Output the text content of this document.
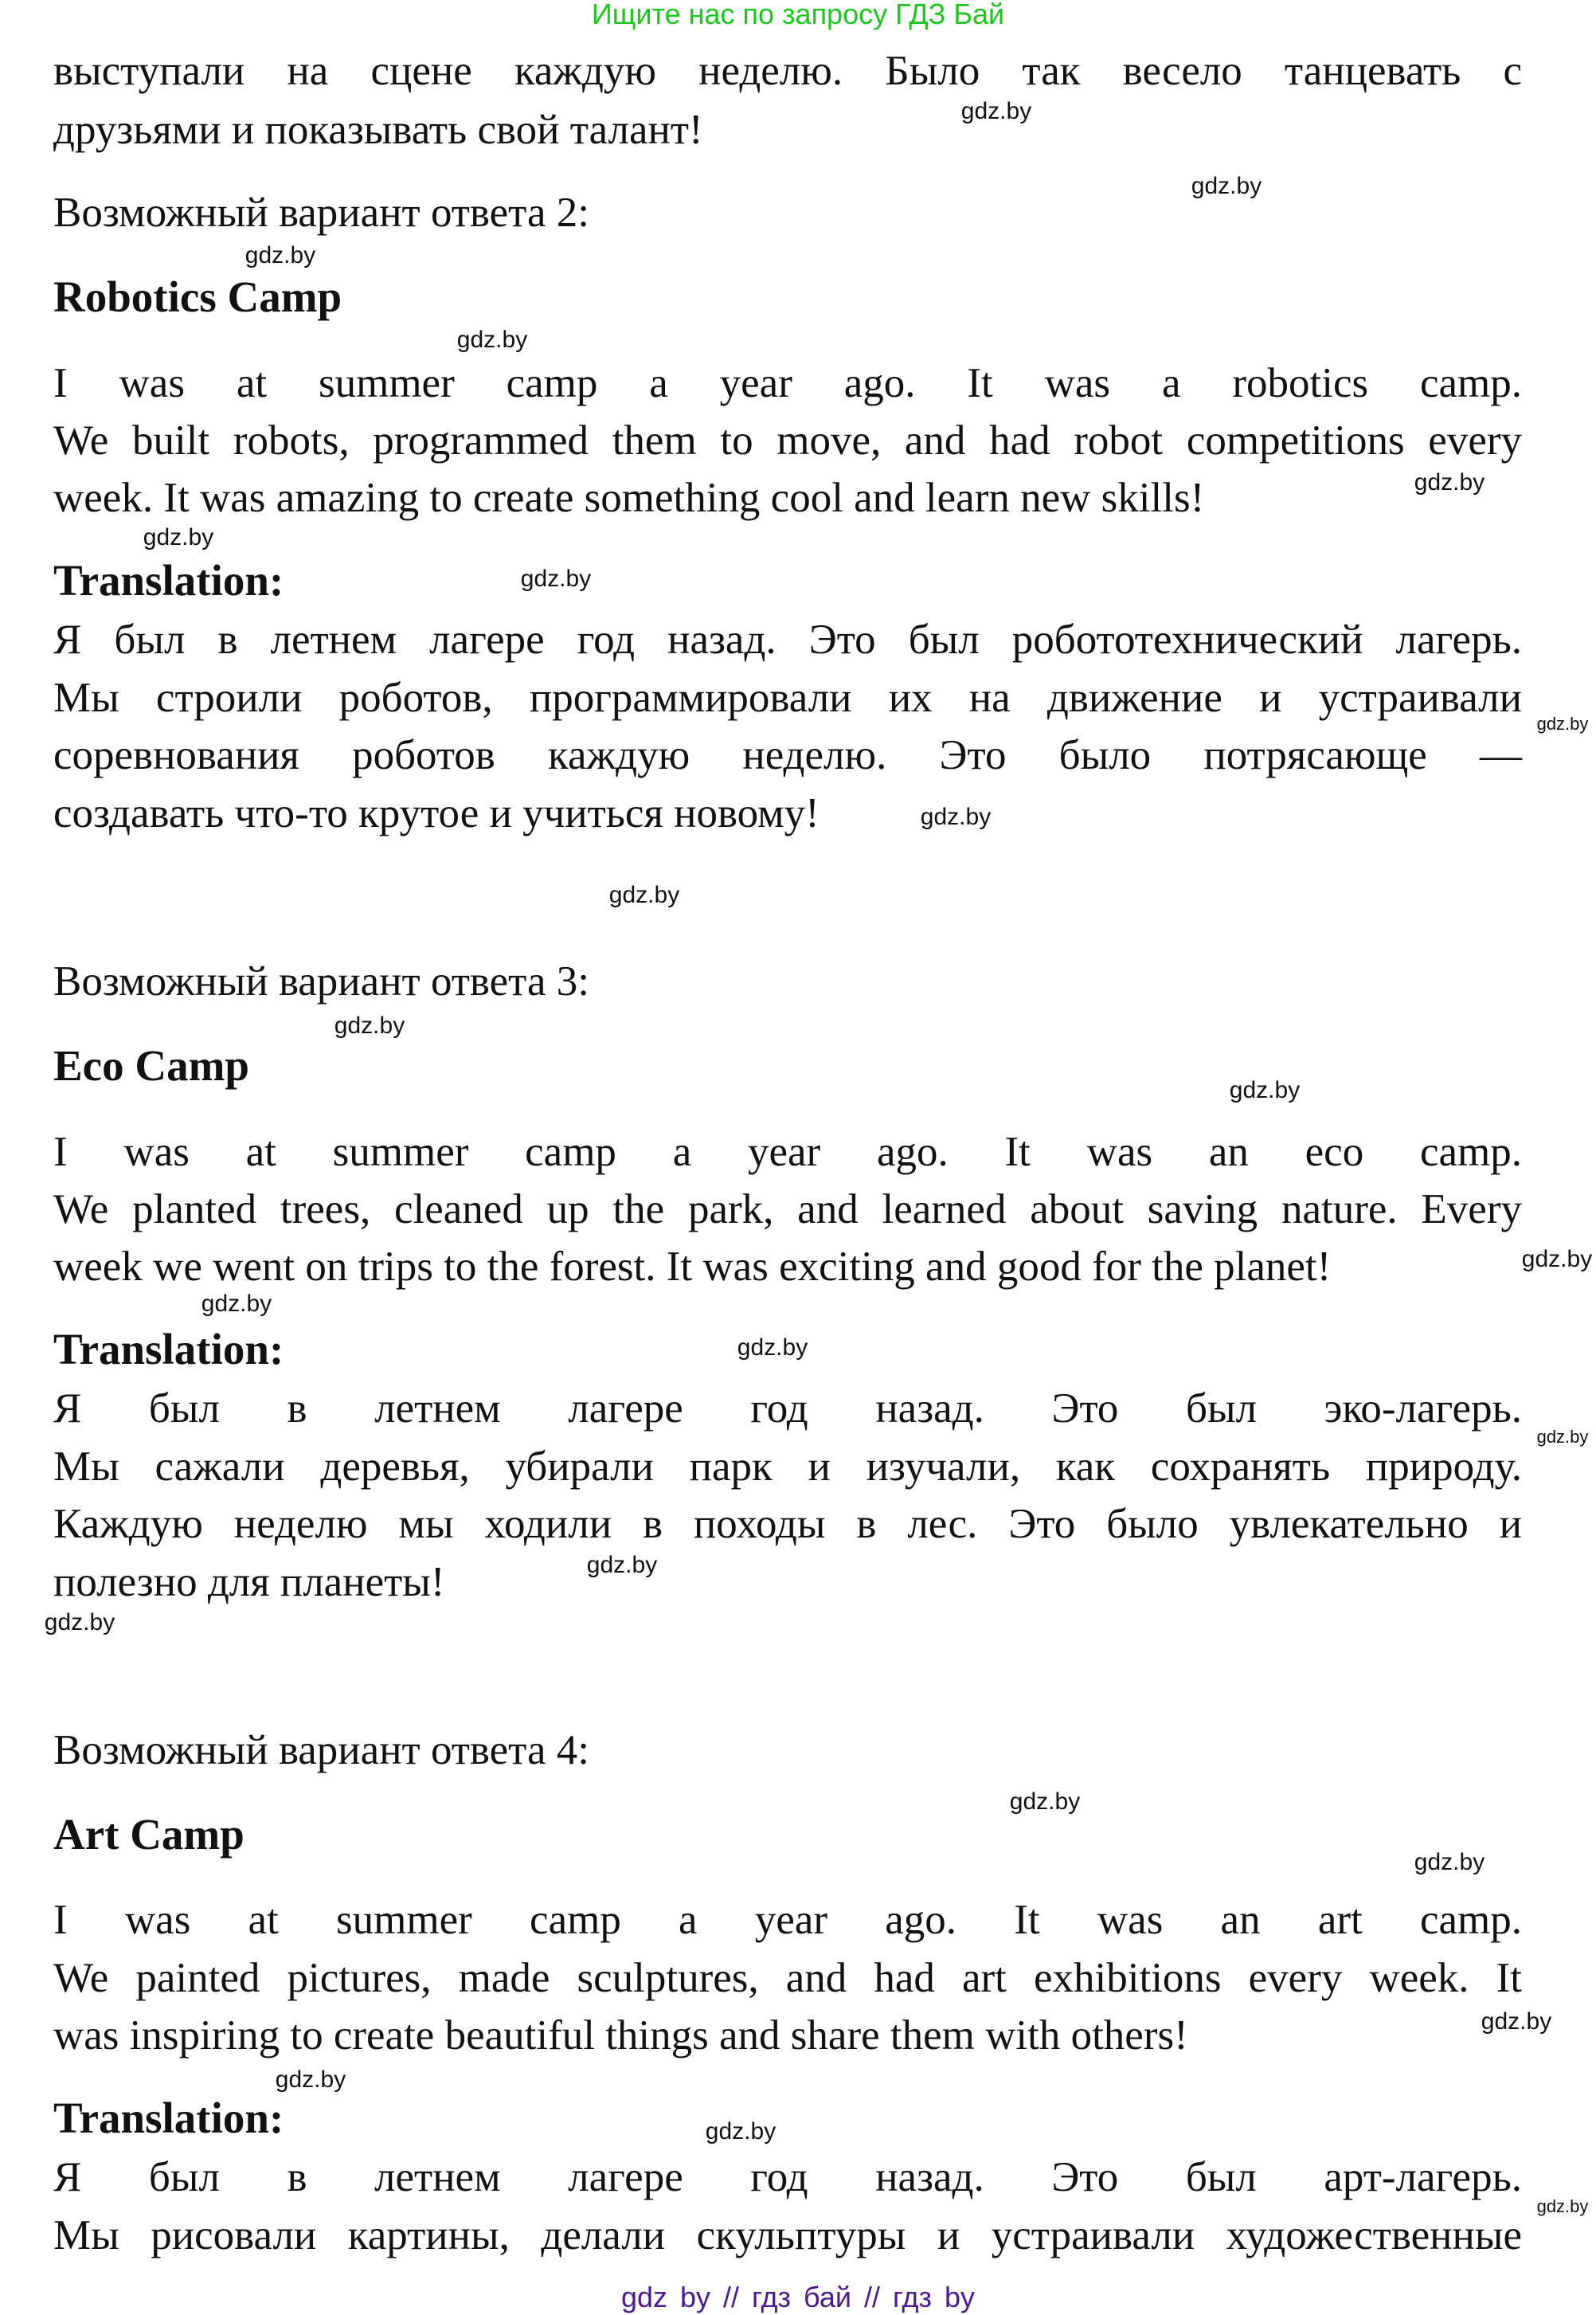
Ищите нас по запросу ГДЗ Бай
выступали на сцене каждую неделю. Было так весело танцевать с
друзьями и показывать свой талант!
Возможный вариант ответа 2:
Robotics Camp
I was at summer camp a year ago. It was a robotics camp.
We built robots, programmed them to move, and had robot competitions every
week. It was amazing to create something cool and learn new skills!
Translation:
Я был в летнем лагере год назад. Это был робототехнический лагерь.
Мы строили роботов, программировали их на движение и устраивали
соревнования роботов каждую неделю. Это было потрясающе —
создавать что-то крутое и учиться новому!
Возможный вариант ответа 3:
Eco Camp
I was at summer camp a year ago. It was an eco camp.
We planted trees, cleaned up the park, and learned about saving nature. Every
week we went on trips to the forest. It was exciting and good for the planet!
Translation:
Я был в летнем лагере год назад. Это был эко-лагерь.
Мы сажали деревья, убирали парк и изучали, как сохранять природу.
Каждую неделю мы ходили в походы в лес. Это было увлекательно и
полезно для планеты!
Возможный вариант ответа 4:
Art Camp
I was at summer camp a year ago. It was an art camp.
We painted pictures, made sculptures, and had art exhibitions every week. It
was inspiring to create beautiful things and share them with others!
Translation:
Я был в летнем лагере год назад. Это был арт-лагерь.
Мы рисовали картины, делали скульптуры и устраивали художественные
gdz.by
gdz.by
gdz.by
gdz.by
gdz.by
gdz.by
gdz.by
gdz.by
gdz.by
gdz.by
gdz.by
gdz.by
gdz.by
gdz.by
gdz.by
gdz.by
gdz.by
gdz.by
gdz.by
gdz.by
gdz.by
gdz.by
gdz.by
gdz.by
gdz by // гдз бай // гдз by
